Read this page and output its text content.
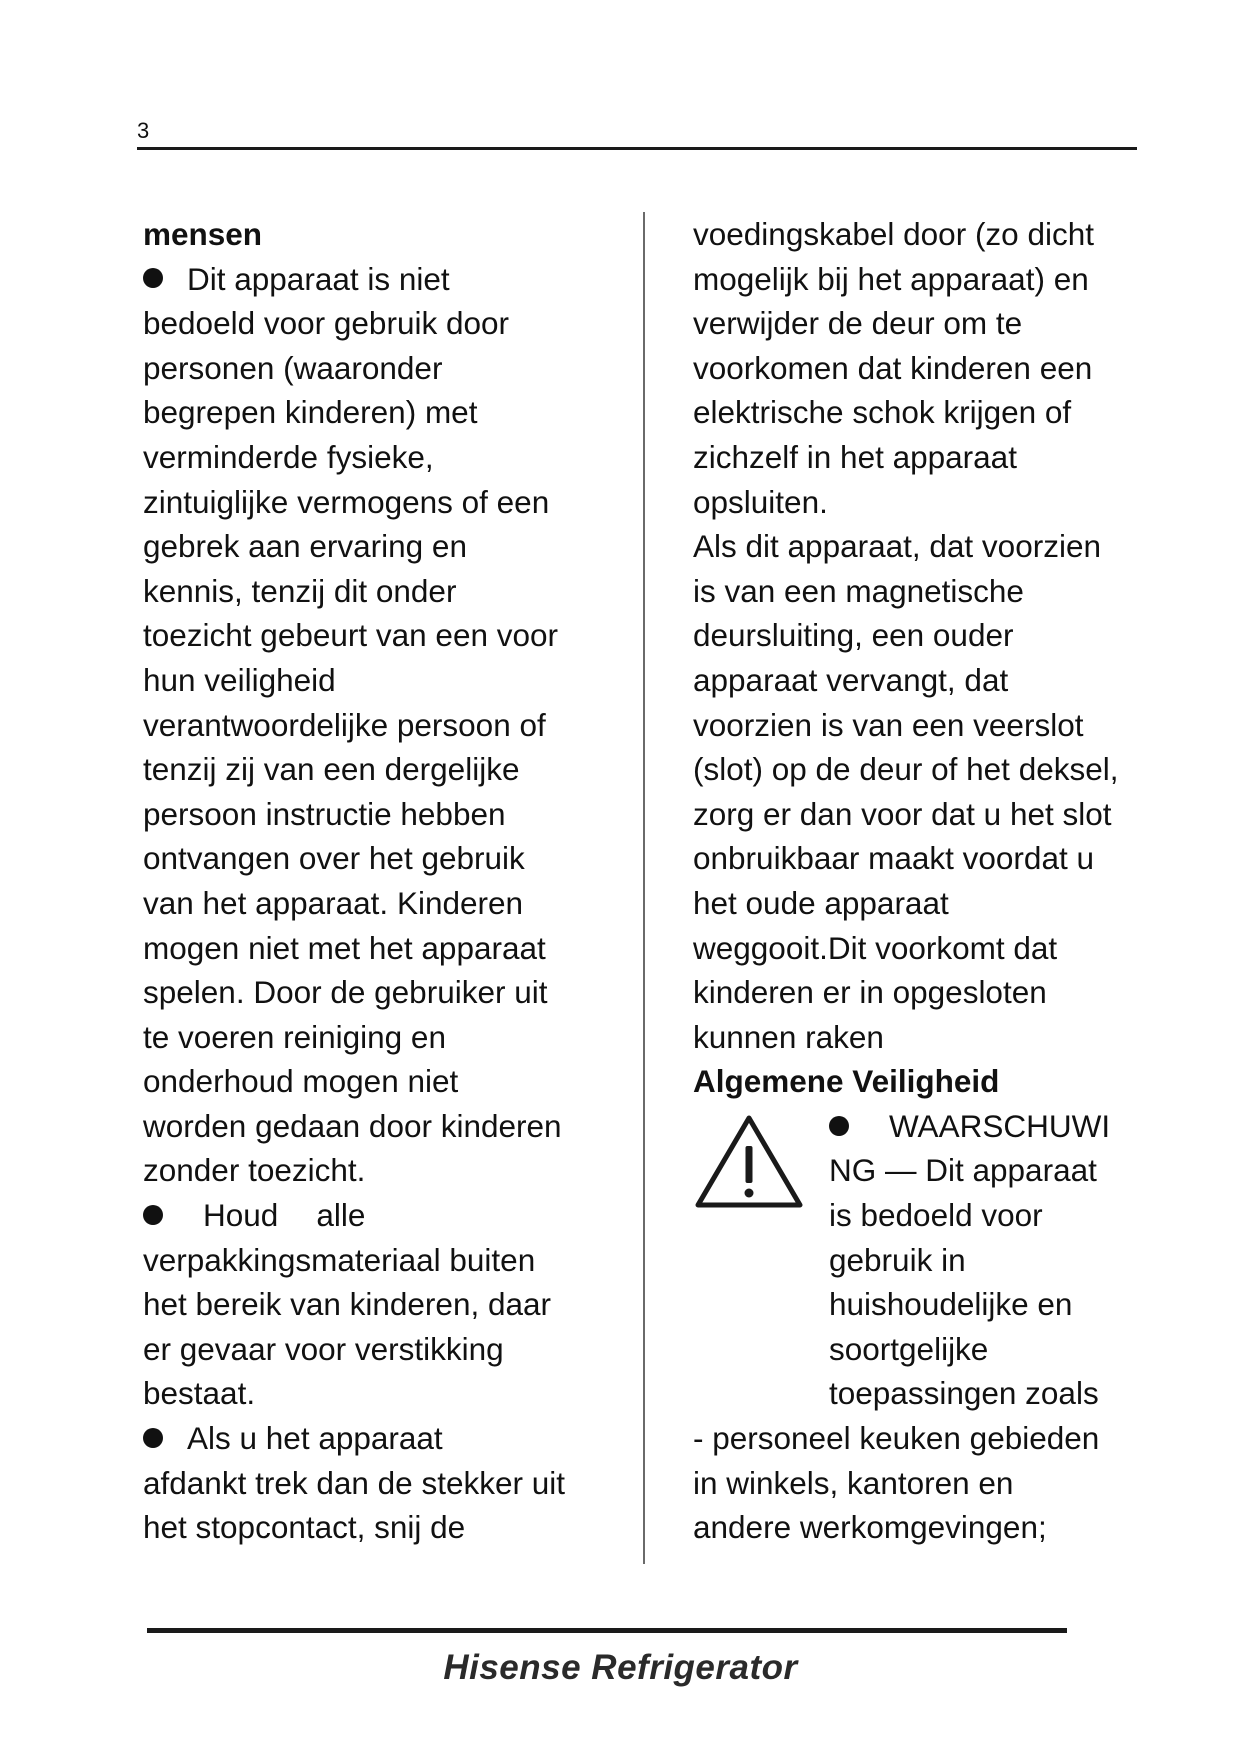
3
mensen
Dit apparaat is niet
bedoeld voor gebruik door
personen (waaronder
begrepen kinderen) met
verminderde fysieke,
zintuiglijke vermogens of een
gebrek aan ervaring en
kennis, tenzij dit onder
toezicht gebeurt van een voor
hun veiligheid
verantwoordelijke persoon of
tenzij zij van een dergelijke
persoon instructie hebben
ontvangen over het gebruik
van het apparaat. Kinderen
mogen niet met het apparaat
spelen. Door de gebruiker uit
te voeren reiniging en
onderhoud mogen niet
worden gedaan door kinderen
zonder toezicht.
Houd alle
verpakkingsmateriaal buiten
het bereik van kinderen, daar
er gevaar voor verstikking
bestaat.
Als u het apparaat
afdankt trek dan de stekker uit
het stopcontact, snij de
voedingskabel door (zo dicht
mogelijk bij het apparaat) en
verwijder de deur om te
voorkomen dat kinderen een
elektrische schok krijgen of
zichzelf in het apparaat
opsluiten.
Als dit apparaat, dat voorzien
is van een magnetische
deursluiting, een ouder
apparaat vervangt, dat
voorzien is van een veerslot
(slot) op de deur of het deksel,
zorg er dan voor dat u het slot
onbruikbaar maakt voordat u
het oude apparaat
weggooit.Dit voorkomt dat
kinderen er in opgesloten
kunnen raken
Algemene Veiligheid
WAARSCHUWI
NG — Dit apparaat
is bedoeld voor
gebruik in
huishoudelijke en
soortgelijke
toepassingen zoals
- personeel keuken gebieden
in winkels, kantoren en
andere werkomgevingen;
Hisense Refrigerator
